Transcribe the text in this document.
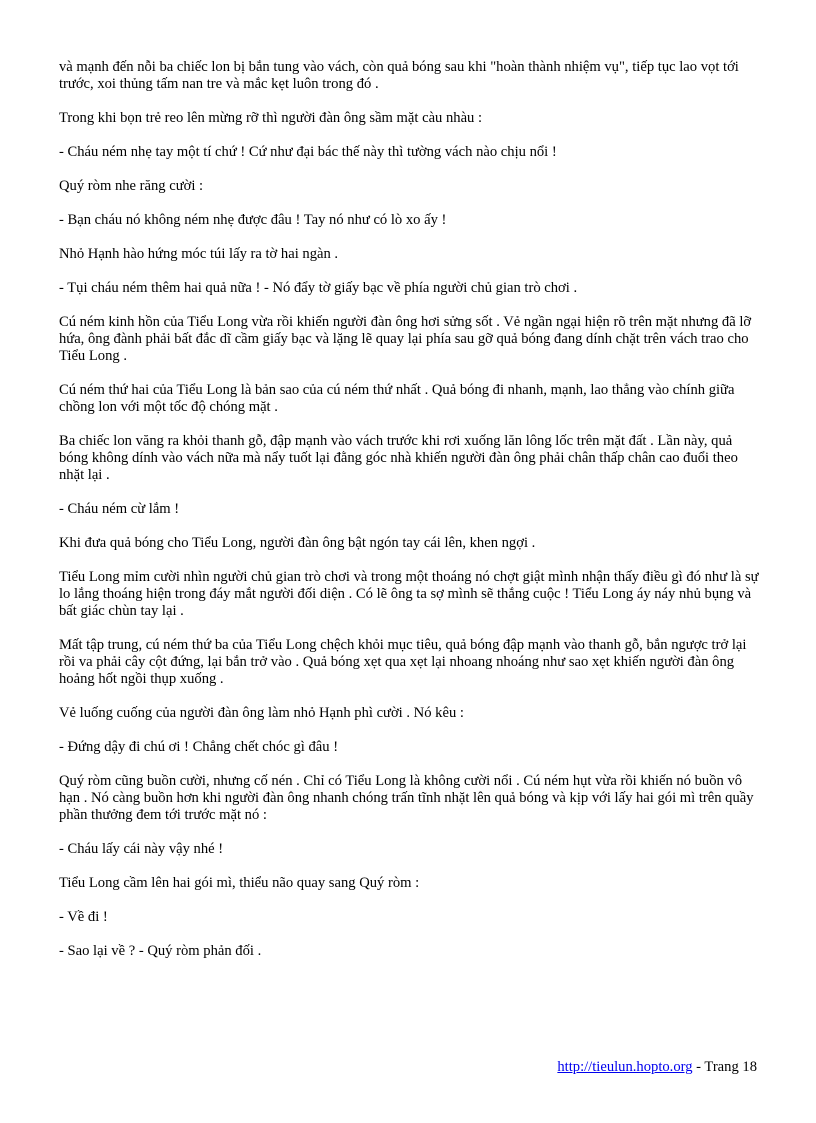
và mạnh đến nỗi ba chiếc lon bị bắn tung vào vách, còn quả bóng sau khi "hoàn thành nhiệm vụ", tiếp tục lao vọt tới trước, xoi thủng tấm nan tre và mắc kẹt luôn trong đó .

Trong khi bọn trẻ reo lên mừng rỡ thì người đàn ông sầm mặt càu nhàu :

- Cháu ném nhẹ tay một tí chứ ! Cứ như đại bác thế này thì tường vách nào chịu nổi !

Quý ròm nhe răng cười :

- Bạn cháu nó không ném nhẹ được đâu ! Tay nó như có lò xo ấy !

Nhỏ Hạnh hào hứng móc túi lấy ra tờ hai ngàn .

- Tụi cháu ném thêm hai quả nữa ! - Nó đẩy tờ giấy bạc về phía người chủ gian trò chơi .

Cú ném kinh hồn của Tiểu Long vừa rồi khiến người đàn ông hơi sửng sốt . Vẻ ngần ngại hiện rõ trên mặt nhưng đã lỡ hứa, ông đành phải bất đắc dĩ cầm giấy bạc và lặng lẽ quay lại phía sau gỡ quả bóng đang dính chặt trên vách trao cho Tiểu Long .

Cú ném thứ hai của Tiểu Long là bản sao của cú ném thứ nhất . Quả bóng đi nhanh, mạnh, lao thẳng vào chính giữa chồng lon với một tốc độ chóng mặt .

Ba chiếc lon văng ra khỏi thanh gỗ, đập mạnh vào vách trước khi rơi xuống lăn lông lốc trên mặt đất . Lần này, quả bóng không dính vào vách nữa mà nẩy tuốt lại đằng góc nhà khiến người đàn ông phải chân thấp chân cao đuổi theo nhặt lại .

- Cháu ném cừ lắm !

Khi đưa quả bóng cho Tiểu Long, người đàn ông bật ngón tay cái lên, khen ngợi .

Tiểu Long mỉm cười nhìn người chủ gian trò chơi và trong một thoáng nó chợt giật mình nhận thấy điều gì đó như là sự lo lắng thoáng hiện trong đáy mắt người đối diện . Có lẽ ông ta sợ mình sẽ thắng cuộc ! Tiểu Long áy náy nhủ bụng và bất giác chùn tay lại .

Mất tập trung, cú ném thứ ba của Tiểu Long chệch khỏi mục tiêu, quả bóng đập mạnh vào thanh gỗ, bắn ngược trở lại rồi va phải cây cột đứng, lại bắn trở vào . Quả bóng xẹt qua xẹt lại nhoang nhoáng như sao xẹt khiến người đàn ông hoảng hốt ngồi thụp xuống .

Vẻ luống cuống của người đàn ông làm nhỏ Hạnh phì cười . Nó kêu :

- Đứng dậy đi chú ơi ! Chẳng chết chóc gì đâu !

Quý ròm cũng buồn cười, nhưng cố nén . Chỉ có Tiểu Long là không cười nổi . Cú ném hụt vừa rồi khiến nó buồn vô hạn . Nó càng buồn hơn khi người đàn ông nhanh chóng trấn tĩnh nhặt lên quả bóng và kịp với lấy hai gói mì trên quầy phần thưởng đem tới trước mặt nó :

- Cháu lấy cái này vậy nhé !

Tiểu Long cầm lên hai gói mì, thiểu não quay sang Quý ròm :

- Về đi !

- Sao lại về ? - Quý ròm phản đối .

http://tieulun.hopto.org - Trang 18
